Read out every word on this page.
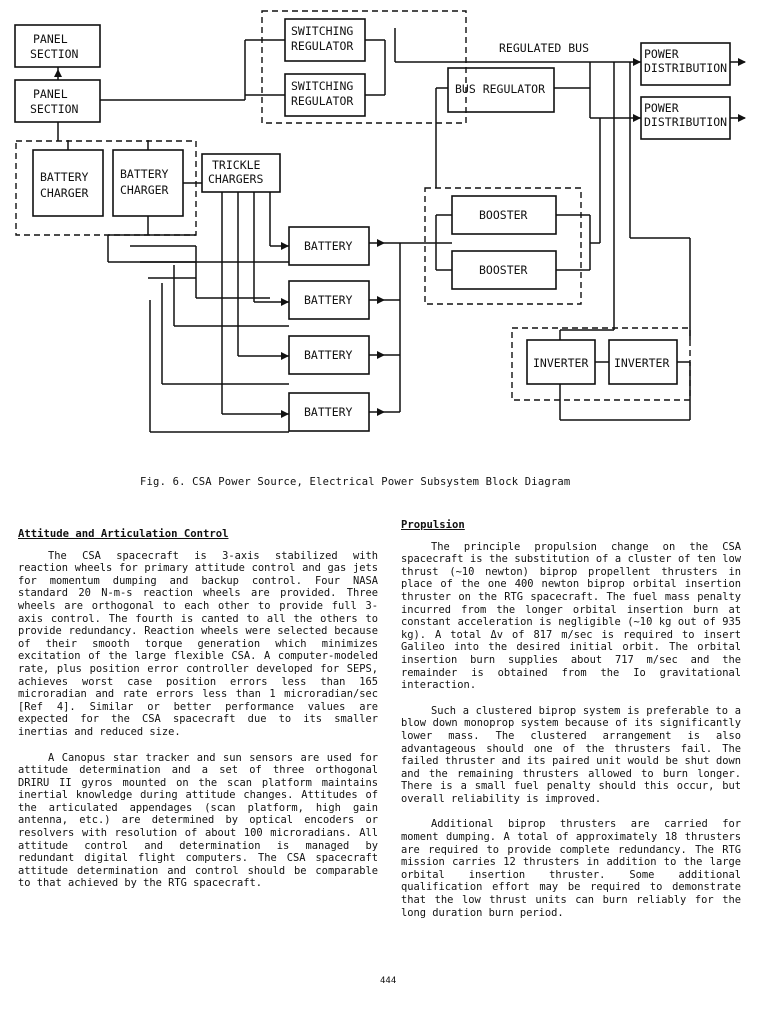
PANEL
SECTION
PANEL
SECTION
SWITCHING
REGULATOR
SWITCHING
REGULATOR
REGULATED BUS
BUS REGULATOR
POWER
DISTRIBUTION
POWER
DISTRIBUTION
BATTERY
CHARGER
BATTERY
CHARGER
TRICKLE
CHARGERS
BOOSTER
BOOSTER
BATTERY
BATTERY
BATTERY
BATTERY
INVERTER INVERTER
Fig. 6. CSA Power Source, Electrical Power Subsystem Block Diagram
Attitude and Articulation Control

The CSA spacecraft is 3-axis stabilized with reaction wheels for primary attitude control and gas jets for momentum dumping and backup control. Four NASA standard 20 N-m-s reaction wheels are provided. Three wheels are orthogonal to each other to provide full 3-axis control. The fourth is canted to all the others to provide redundancy. Reaction wheels were selected because of their smooth torque generation which minimizes excitation of the large flexible CSA. A computer-modeled rate, plus position error controller developed for SEPS, achieves worst case position errors less than 165 microradian and rate errors less than 1 microradian/sec [Ref 4]. Similar or better performance values are expected for the CSA spacecraft due to its smaller inertias and reduced size.

A Canopus star tracker and sun sensors are used for attitude determination and a set of three orthogonal DRIRU II gyros mounted on the scan platform maintains inertial knowledge during attitude changes. Attitudes of the articulated appendages (scan platform, high gain antenna, etc.) are determined by optical encoders or resolvers with resolution of about 100 microradians. All attitude control and determination is managed by redundant digital flight computers. The CSA spacecraft attitude determination and control should be comparable to that achieved by the RTG spacecraft.

Propulsion

The principle propulsion change on the CSA spacecraft is the substitution of a cluster of ten low thrust (~10 newton) biprop propellent thrusters in place of the one 400 newton biprop orbital insertion thruster on the RTG spacecraft. The fuel mass penalty incurred from the longer orbital insertion burn at constant acceleration is negligible (~10 kg out of 935 kg). A total Δv of 817 m/sec is required to insert Galileo into the desired initial orbit. The orbital insertion burn supplies about 717 m/sec and the remainder is obtained from the Io gravitational interaction.

Such a clustered biprop system is preferable to a blow down monoprop system because of its significantly lower mass. The clustered arrangement is also advantageous should one of the thrusters fail. The failed thruster and its paired unit would be shut down and the remaining thrusters allowed to burn longer. There is a small fuel penalty should this occur, but overall reliability is improved.

Additional biprop thrusters are carried for moment dumping. A total of approximately 18 thrusters are required to provide complete redundancy. The RTG mission carries 12 thrusters in addition to the large orbital insertion thruster. Some additional qualification effort may be required to demonstrate that the low thrust units can burn reliably for the long duration burn period.

444
